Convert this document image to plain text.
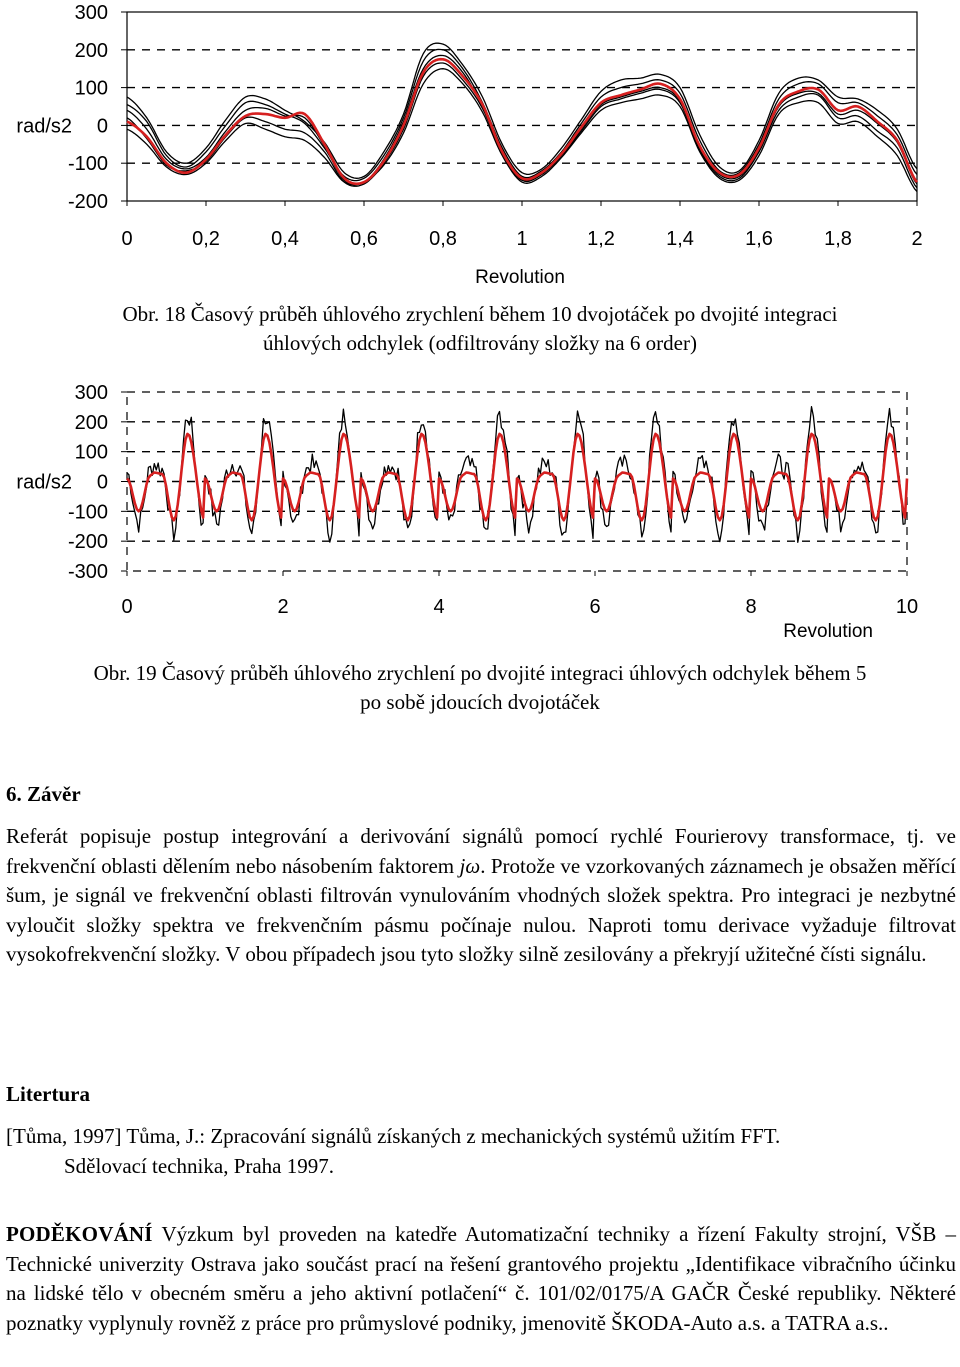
300
200
100
0
-100
-200
rad/s2
0	0,2	0,4	0,6	0,8	1	1,2	1,4	1,6	1,8	2
Revolution
Obr. 18 Časový průběh úhlového zrychlení během 10 dvojotáček po dvojité integraci
úhlových odchylek (odfiltrovány složky na 6 order)
300
200
100
0
-100
-200
-300
rad/s2
0	2	4	6	8	10
Revolution
Obr. 19 Časový průběh úhlového zrychlení po dvojité integraci úhlových odchylek během 5
po sobě jdoucích dvojotáček
6. Závěr
Referát popisuje postup integrování a derivování signálů pomocí rychlé Fourierovy transformace, tj. ve frekvenční oblasti dělením nebo násobením faktorem jω. Protože ve vzorkovaných záznamech je obsažen měřící šum, je signál ve frekvenční oblasti filtrován vynulováním vhodných složek spektra. Pro integraci je nezbytné vyloučit složky spektra ve frekvenčním pásmu počínaje nulou. Naproti tomu derivace vyžaduje filtrovat vysokofrekvenční složky. V obou případech jsou tyto složky silně zesilovány a překryjí užitečné čísti signálu.
Litertura
[Tůma, 1997] Tůma, J.: Zpracování signálů získaných z mechanických systémů užitím FFT.
Sdělovací technika, Praha 1997.
PODĚKOVÁNÍ Výzkum byl proveden na katedře Automatizační techniky a řízení Fakulty strojní, VŠB – Technické univerzity Ostrava jako součást prací na řešení grantového projektu „Identifikace vibračního účinku na lidské tělo v obecném směru a jeho aktivní potlačení“ č. 101/02/0175/A GAČR České republiky. Některé poznatky vyplynuly rovněž z práce pro průmyslové podniky, jmenovitě ŠKODA-Auto a.s. a TATRA a.s..
